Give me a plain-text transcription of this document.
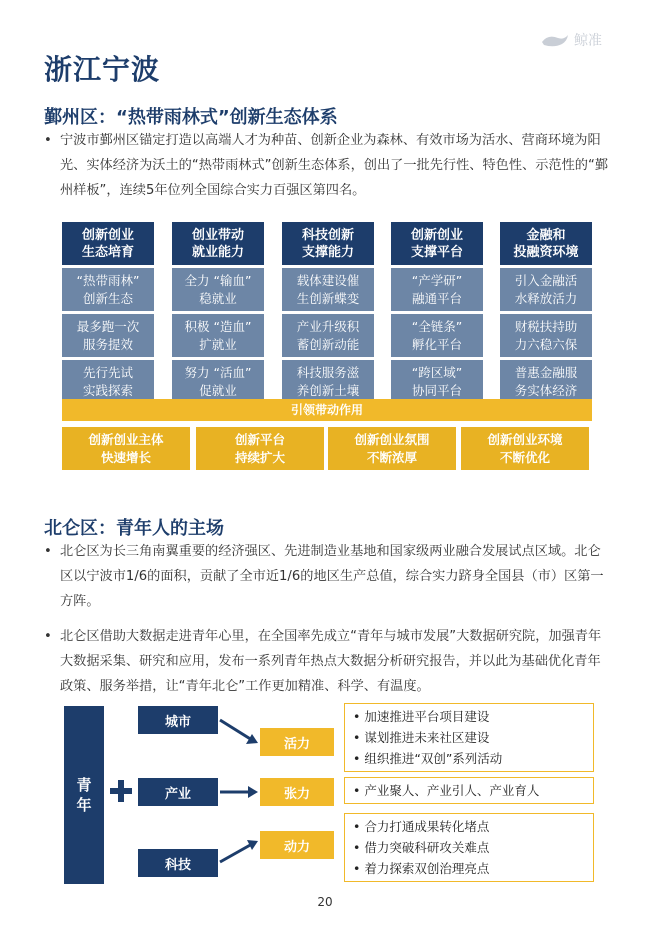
鲸准
浙江宁波
鄞州区：“热带雨林式”创新生态体系
• 宁波市鄞州区锚定打造以高端人才为种苗、创新企业为森林、有效市场为活水、营商环境为阳光、实体经济为沃土的“热带雨林式”创新生态体系，创出了一批先行性、特色性、示范性的“鄞州样板”，连续5年位列全国综合实力百强区第四名。
创新创业
生态培育
“热带雨林”
创新生态
最多跑一次
服务提效
先行先试
实践探索
创业带动
就业能力
全力 “输血”
稳就业
积极 “造血”
扩就业
努力 “活血”
促就业
科技创新
支撑能力
载体建设催
生创新蝶变
产业升级积
蓄创新动能
科技服务滋
养创新土壤
创新创业
支撑平台
“产学研”
融通平台
“全链条”
孵化平台
“跨区域”
协同平台
金融和
投融资环境
引入金融活
水释放活力
财税扶持助
力六稳六保
普惠金融服
务实体经济
引领带动作用
创新创业主体
快速增长
创新平台
持续扩大
创新创业氛围
不断浓厚
创新创业环境
不断优化
北仑区：青年人的主场
• 北仑区为长三角南翼重要的经济强区、先进制造业基地和国家级两业融合发展试点区域。北仑区以宁波市1/6的面积，贡献了全市近1/6的地区生产总值，综合实力跻身全国县（市）区第一方阵。
• 北仑区借助大数据走进青年心里，在全国率先成立“青年与城市发展”大数据研究院，加强青年大数据采集、研究和应用，发布一系列青年热点大数据分析研究报告，并以此为基础优化青年政策、服务举措，让“青年北仑”工作更加精准、科学、有温度。
青
年
城市
活力
• 加速推进平台项目建设
• 谋划推进未来社区建设
• 组织推进“双创”系列活动
产业	张力	• 产业聚人、产业引人、产业育人
科技
动力
• 合力打通成果转化堵点
• 借力突破科研攻关难点
• 着力探索双创治理亮点
20
